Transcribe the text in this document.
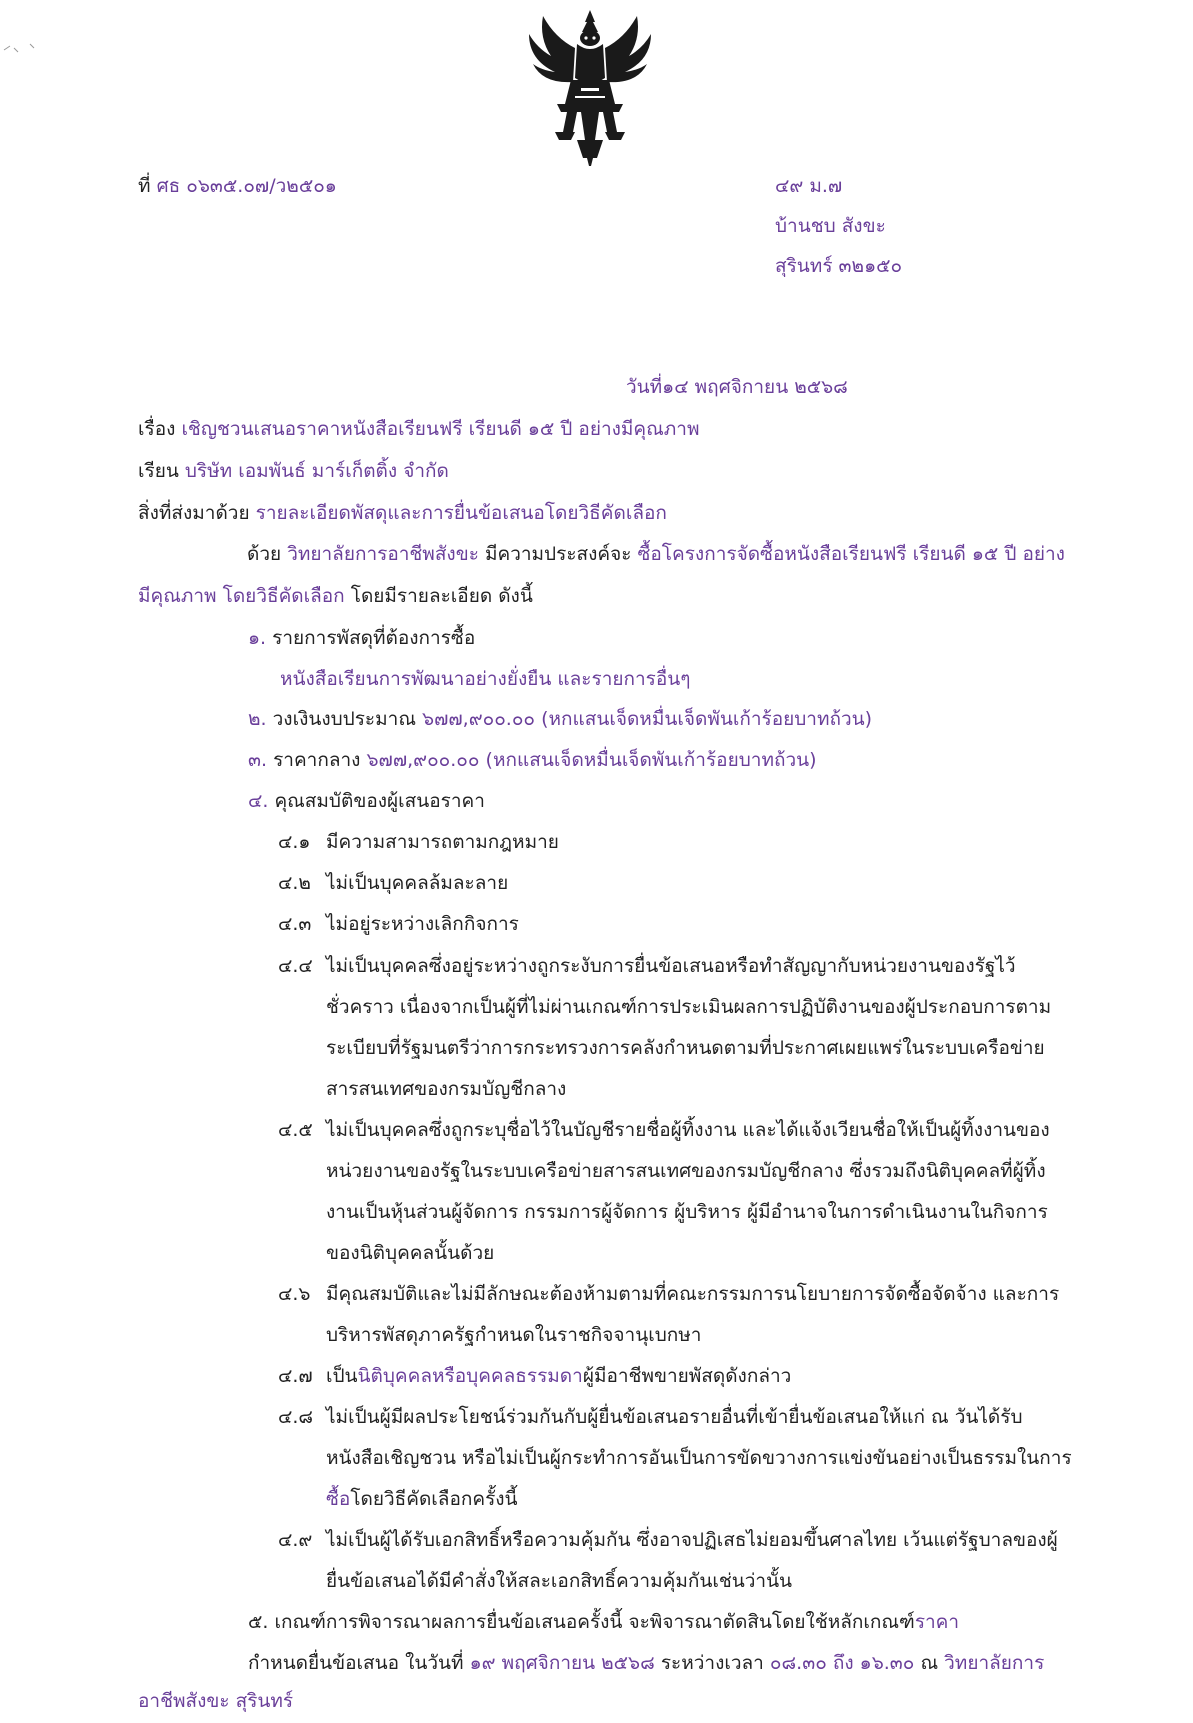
ที่ ศธ ๐๖๓๕.๐๗/ว๒๕๐๑	๔๙ ม.๗
บ้านชบ สังขะ
สุรินทร์ ๓๒๑๕๐
วันที่๑๔ พฤศจิกายน ๒๕๖๘
เรื่อง เชิญชวนเสนอราคาหนังสือเรียนฟรี เรียนดี ๑๕ ปี อย่างมีคุณภาพ
เรียน บริษัท เอมพันธ์ มาร์เก็ตติ้ง จำกัด
สิ่งที่ส่งมาด้วย รายละเอียดพัสดุและการยื่นข้อเสนอโดยวิธีคัดเลือก
ด้วย วิทยาลัยการอาชีพสังขะ มีความประสงค์จะ ซื้อโครงการจัดซื้อหนังสือเรียนฟรี เรียนดี ๑๕ ปี อย่าง
มีคุณภาพ โดยวิธีคัดเลือก โดยมีรายละเอียด ดังนี้
๑. รายการพัสดุที่ต้องการซื้อ
หนังสือเรียนการพัฒนาอย่างยั่งยืน และรายการอื่นๆ
๒. วงเงินงบประมาณ ๖๗๗,๙๐๐.๐๐ (หกแสนเจ็ดหมื่นเจ็ดพันเก้าร้อยบาทถ้วน)
๓. ราคากลาง ๖๗๗,๙๐๐.๐๐ (หกแสนเจ็ดหมื่นเจ็ดพันเก้าร้อยบาทถ้วน)
๔. คุณสมบัติของผู้เสนอราคา
๔.๑ มีความสามารถตามกฎหมาย
๔.๒ ไม่เป็นบุคคลล้มละลาย
๔.๓ ไม่อยู่ระหว่างเลิกกิจการ
๔.๔ ไม่เป็นบุคคลซึ่งอยู่ระหว่างถูกระงับการยื่นข้อเสนอหรือทำสัญญากับหน่วยงานของรัฐไว้
ชั่วคราว เนื่องจากเป็นผู้ที่ไม่ผ่านเกณฑ์การประเมินผลการปฏิบัติงานของผู้ประกอบการตาม
ระเบียบที่รัฐมนตรีว่าการกระทรวงการคลังกำหนดตามที่ประกาศเผยแพร่ในระบบเครือข่าย
สารสนเทศของกรมบัญชีกลาง
๔.๕ ไม่เป็นบุคคลซึ่งถูกระบุชื่อไว้ในบัญชีรายชื่อผู้ทิ้งงาน และได้แจ้งเวียนชื่อให้เป็นผู้ทิ้งงานของ
หน่วยงานของรัฐในระบบเครือข่ายสารสนเทศของกรมบัญชีกลาง ซึ่งรวมถึงนิติบุคคลที่ผู้ทิ้ง
งานเป็นหุ้นส่วนผู้จัดการ กรรมการผู้จัดการ ผู้บริหาร ผู้มีอำนาจในการดำเนินงานในกิจการ
ของนิติบุคคลนั้นด้วย
๔.๖ มีคุณสมบัติและไม่มีลักษณะต้องห้ามตามที่คณะกรรมการนโยบายการจัดซื้อจัดจ้าง และการ
บริหารพัสดุภาครัฐกำหนดในราชกิจจานุเบกษา
๔.๗ เป็นนิติบุคคลหรือบุคคลธรรมดาผู้มีอาชีพขายพัสดุดังกล่าว
๔.๘ ไม่เป็นผู้มีผลประโยชน์ร่วมกันกับผู้ยื่นข้อเสนอรายอื่นที่เข้ายื่นข้อเสนอให้แก่ ณ วันได้รับ
หนังสือเชิญชวน หรือไม่เป็นผู้กระทำการอันเป็นการขัดขวางการแข่งขันอย่างเป็นธรรมในการ
ซื้อโดยวิธีคัดเลือกครั้งนี้
๔.๙ ไม่เป็นผู้ได้รับเอกสิทธิ์หรือความคุ้มกัน ซึ่งอาจปฏิเสธไม่ยอมขึ้นศาลไทย เว้นแต่รัฐบาลของผู้
ยื่นข้อเสนอได้มีคำสั่งให้สละเอกสิทธิ์ความคุ้มกันเช่นว่านั้น
๕. เกณฑ์การพิจารณาผลการยื่นข้อเสนอครั้งนี้ จะพิจารณาตัดสินโดยใช้หลักเกณฑ์ราคา
กำหนดยื่นข้อเสนอ ในวันที่ ๑๙ พฤศจิกายน ๒๕๖๘ ระหว่างเวลา ๐๘.๓๐ ถึง ๑๖.๓๐ ณ วิทยาลัยการ
อาชีพสังขะ สุรินทร์
